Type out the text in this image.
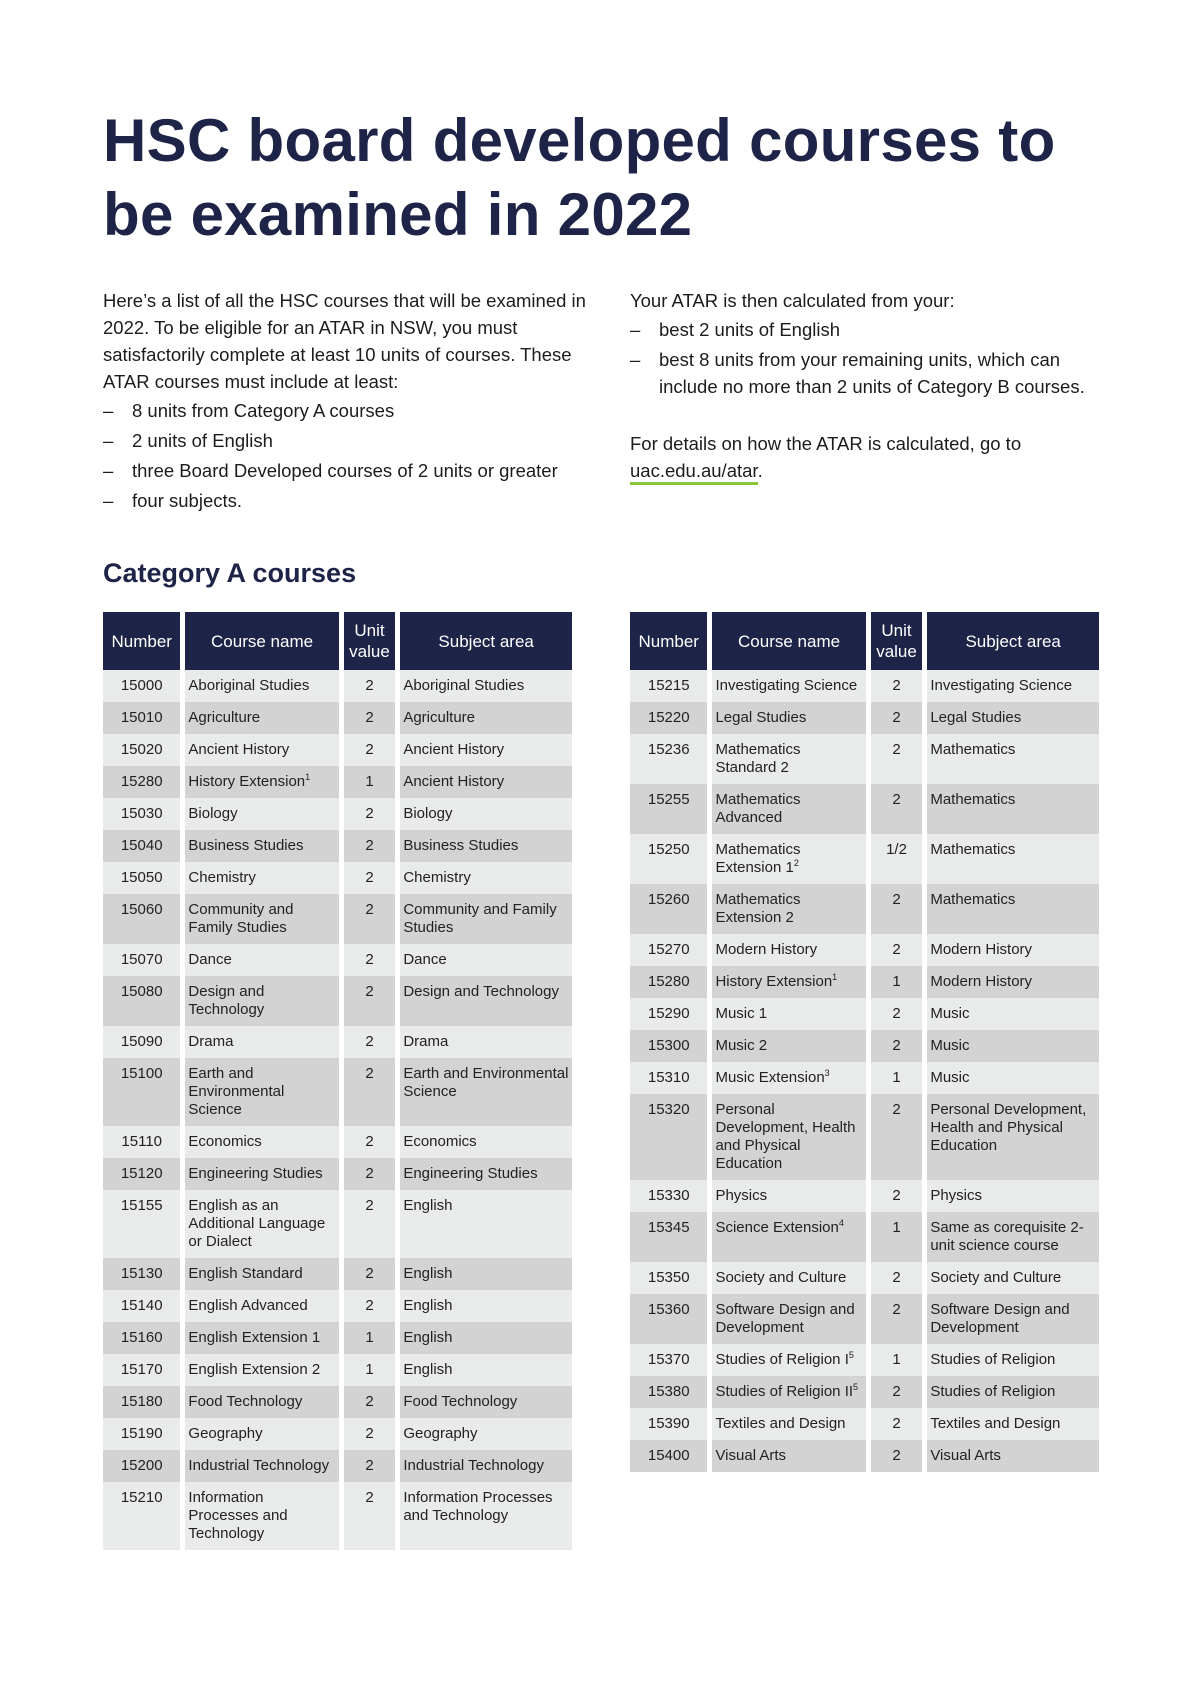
HSC board developed courses to be examined in 2022

Here’s a list of all the HSC courses that will be examined in 2022. To be eligible for an ATAR in NSW, you must satisfactorily complete at least 10 units of courses. These ATAR courses must include at least:

– 8 units from Category A courses
– 2 units of English
– three Board Developed courses of 2 units or greater
– four subjects.

Your ATAR is then calculated from your:

– best 2 units of English
– best 8 units from your remaining units, which can include no more than 2 units of Category B courses.

For details on how the ATAR is calculated, go to uac.edu.au/atar.

Category A courses
Number	Course name	Unit value	Subject area
15000	Aboriginal Studies	2	Aboriginal Studies
15010	Agriculture	2	Agriculture
15020	Ancient History	2	Ancient History
15280	History Extension$^1$	1	Ancient History
15030	Biology	2	Biology
15040	Business Studies	2	Business Studies
15050	Chemistry	2	Chemistry
15060	Community and Family Studies	2	Community and Family Studies
15070	Dance	2	Dance
15080	Design and Technology	2	Design and Technology
15090	Drama	2	Drama
15100	Earth and Environmental Science	2	Earth and Environmental Science
15110	Economics	2	Economics
15120	Engineering Studies	2	Engineering Studies
15155	English as an Additional Language or Dialect	2	English
15130	English Standard	2	English
15140	English Advanced	2	English
15160	English Extension 1	1	English
15170	English Extension 2	1	English
15180	Food Technology	2	Food Technology
15190	Geography	2	Geography
15200	Industrial Technology	2	Industrial Technology
15210	Information Processes and Technology	2	Information Processes and Technology
Number	Course name	Unit value	Subject area
15215	Investigating Science	2	Investigating Science
15220	Legal Studies	2	Legal Studies
15236	Mathematics Standard 2	2	Mathematics
15255	Mathematics Advanced	2	Mathematics
15250	Mathematics Extension $1^2$	1/2	Mathematics
15260	Mathematics Extension 2	2	Mathematics
15270	Modern History	2	Modern History
15280	History Extension$^1$	1	Modern History
15290	Music 1	2	Music
15300	Music 2	2	Music
15310	Music Extension$^3$	1	Music
15320	Personal Development, Health and Physical Education	2	Personal Development, Health and Physical Education
15330	Physics	2	Physics
15345	Science Extension$^4$	1	Same as corequisite 2-unit science course
15350	Society and Culture	2	Society and Culture
15360	Software Design and Development	2	Software Design and Development
15370	Studies of Religion $I^5$	1	Studies of Religion
15380	Studies of Religion $II^5$	2	Studies of Religion
15390	Textiles and Design	2	Textiles and Design
15400	Visual Arts	2	Visual Arts
